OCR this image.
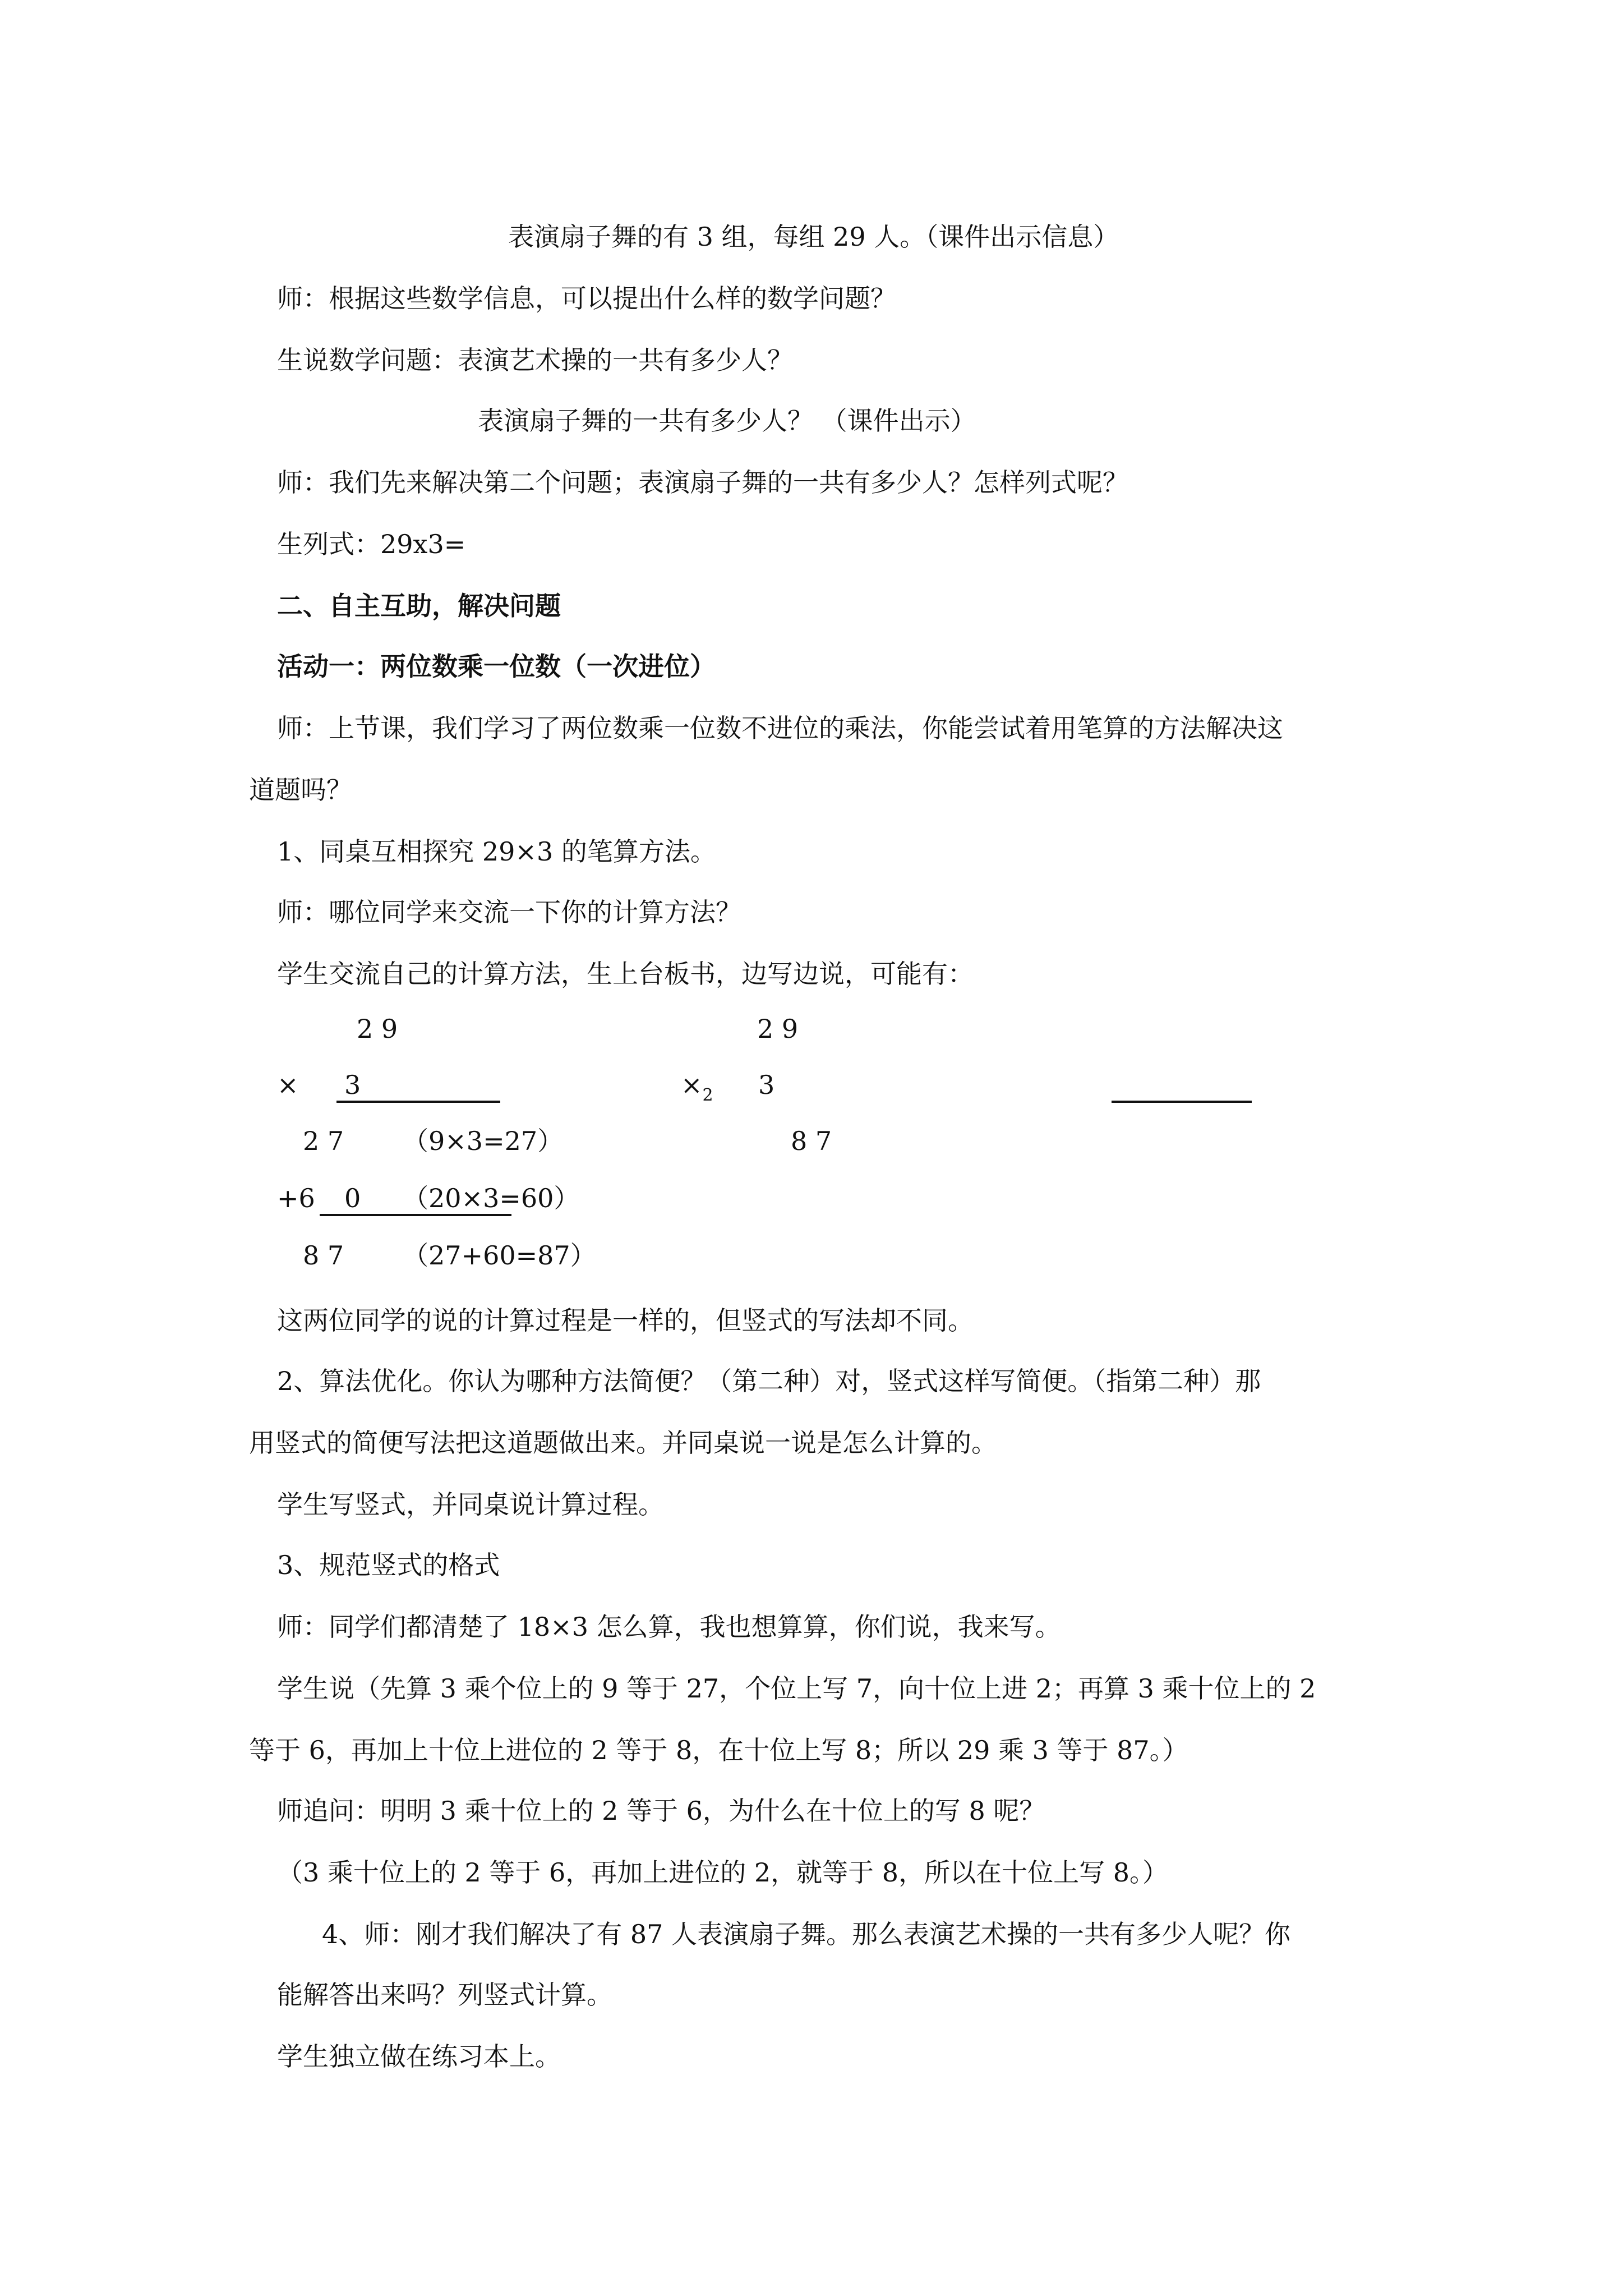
表演扇子舞的有 3 组，每组 29 人。（课件出示信息）
师：根据这些数学信息，可以提出什么样的数学问题？
生说数学问题：表演艺术操的一共有多少人？
表演扇子舞的一共有多少人？ （课件出示）
师：我们先来解决第二个问题；表演扇子舞的一共有多少人？怎样列式呢？
生列式：29x3=
二、自主互助，解决问题
活动一：两位数乘一位数（一次进位）
师：上节课，我们学习了两位数乘一位数不进位的乘法，你能尝试着用笔算的方法解决这
道题吗？
1、同桌互相探究 29×3 的笔算方法。
师：哪位同学来交流一下你的计算方法？
学生交流自己的计算方法，生上台板书，边写边说，可能有：
2 9
× 3
2 7 （9×3=27）
+6 0 （20×3=60）
8 7 （27+60=87）
2 9
$\times_2$ 3
8 7
这两位同学的说的计算过程是一样的，但竖式的写法却不同。
2、算法优化。你认为哪种方法简便？（第二种）对，竖式这样写简便。（指第二种）那
用竖式的简便写法把这道题做出来。并同桌说一说是怎么计算的。
学生写竖式，并同桌说计算过程。
3、规范竖式的格式
师：同学们都清楚了 18×3 怎么算，我也想算算，你们说，我来写。
学生说（先算 3 乘个位上的 9 等于 27，个位上写 7，向十位上进 2；再算 3 乘十位上的 2
等于 6，再加上十位上进位的 2 等于 8，在十位上写 8；所以 29 乘 3 等于 87。）
师追问：明明 3 乘十位上的 2 等于 6，为什么在十位上的写 8 呢？
（3 乘十位上的 2 等于 6，再加上进位的 2，就等于 8，所以在十位上写 8。）
4、师：刚才我们解决了有 87 人表演扇子舞。那么表演艺术操的一共有多少人呢？你
能解答出来吗？列竖式计算。
学生独立做在练习本上。
